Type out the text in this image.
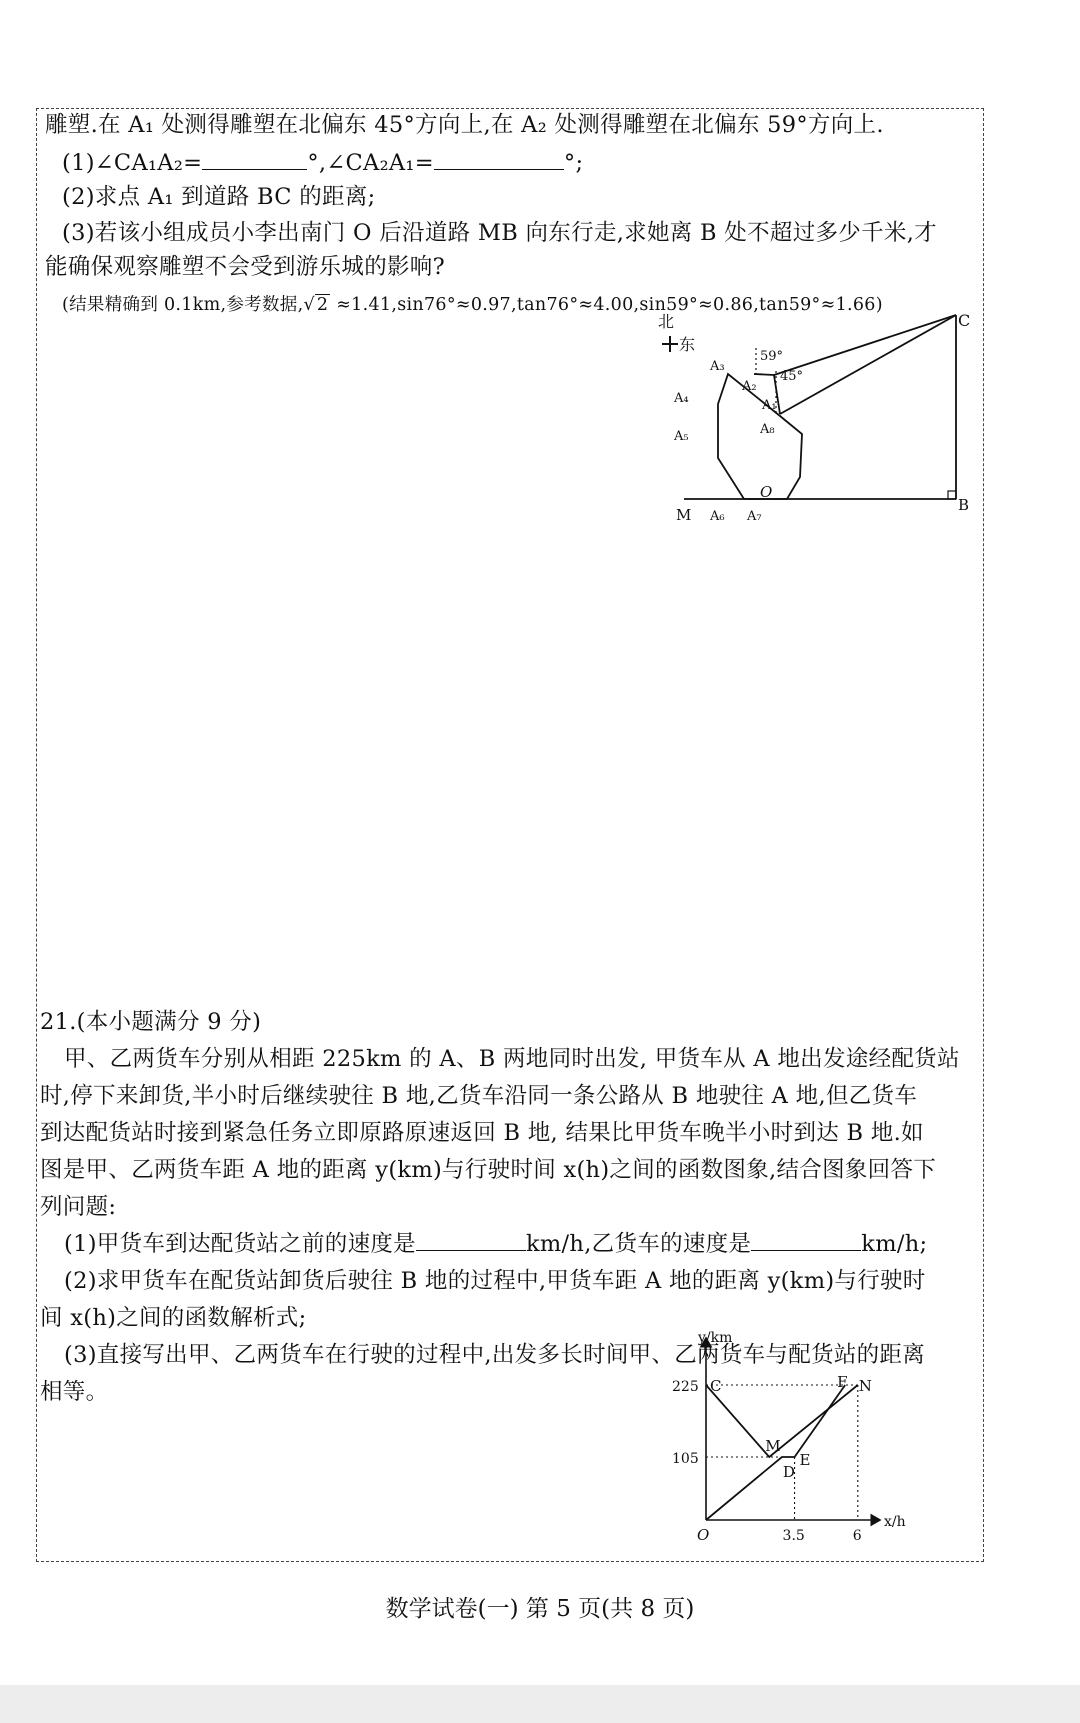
雕塑.在 A₁ 处测得雕塑在北偏东 45°方向上,在 A₂ 处测得雕塑在北偏东 59°方向上.
(1)∠CA₁A₂=	°,∠CA₂A₁=	°;
(2)求点 A₁ 到道路 BC 的距离;
(3)若该小组成员小李出南门 O 后沿道路 MB 向东行走,求她离 B 处不超过多少千米,才
能确保观察雕塑不会受到游乐城的影响?
(结果精确到 0.1km,参考数据,√ 2 ≈1.41,sin76°≈0.97,tan76°≈4.00,sin59°≈0.86,tan59°≈1.66)
北
东
C
B
M
O
A₁
A₂
A₃
A₄
A₅
A₆ A₇
A₈
59°
45°
21.(本小题满分 9 分)
甲、乙两货车分别从相距 225km 的 A、B 两地同时出发, 甲货车从 A 地出发途经配货站
时,停下来卸货,半小时后继续驶往 B 地,乙货车沿同一条公路从 B 地驶往 A 地,但乙货车
到达配货站时接到紧急任务立即原路原速返回 B 地, 结果比甲货车晚半小时到达 B 地.如
图是甲、乙两货车距 A 地的距离 y(km)与行驶时间 x(h)之间的函数图象,结合图象回答下
列问题:
(1)甲货车到达配货站之前的速度是	km/h,乙货车的速度是	km/h;
(2)求甲货车在配货站卸货后驶往 B 地的过程中,甲货车距 A 地的距离 y(km)与行驶时
间 x(h)之间的函数解析式;
(3)直接写出甲、乙两货车在行驶的过程中,出发多长时间甲、乙两货车与配货站的距离
相等。
y/km
x/h
225
105
3.5	6
O
C
M
D
E
F N
数学试卷(一) 第 5 页(共 8 页)
